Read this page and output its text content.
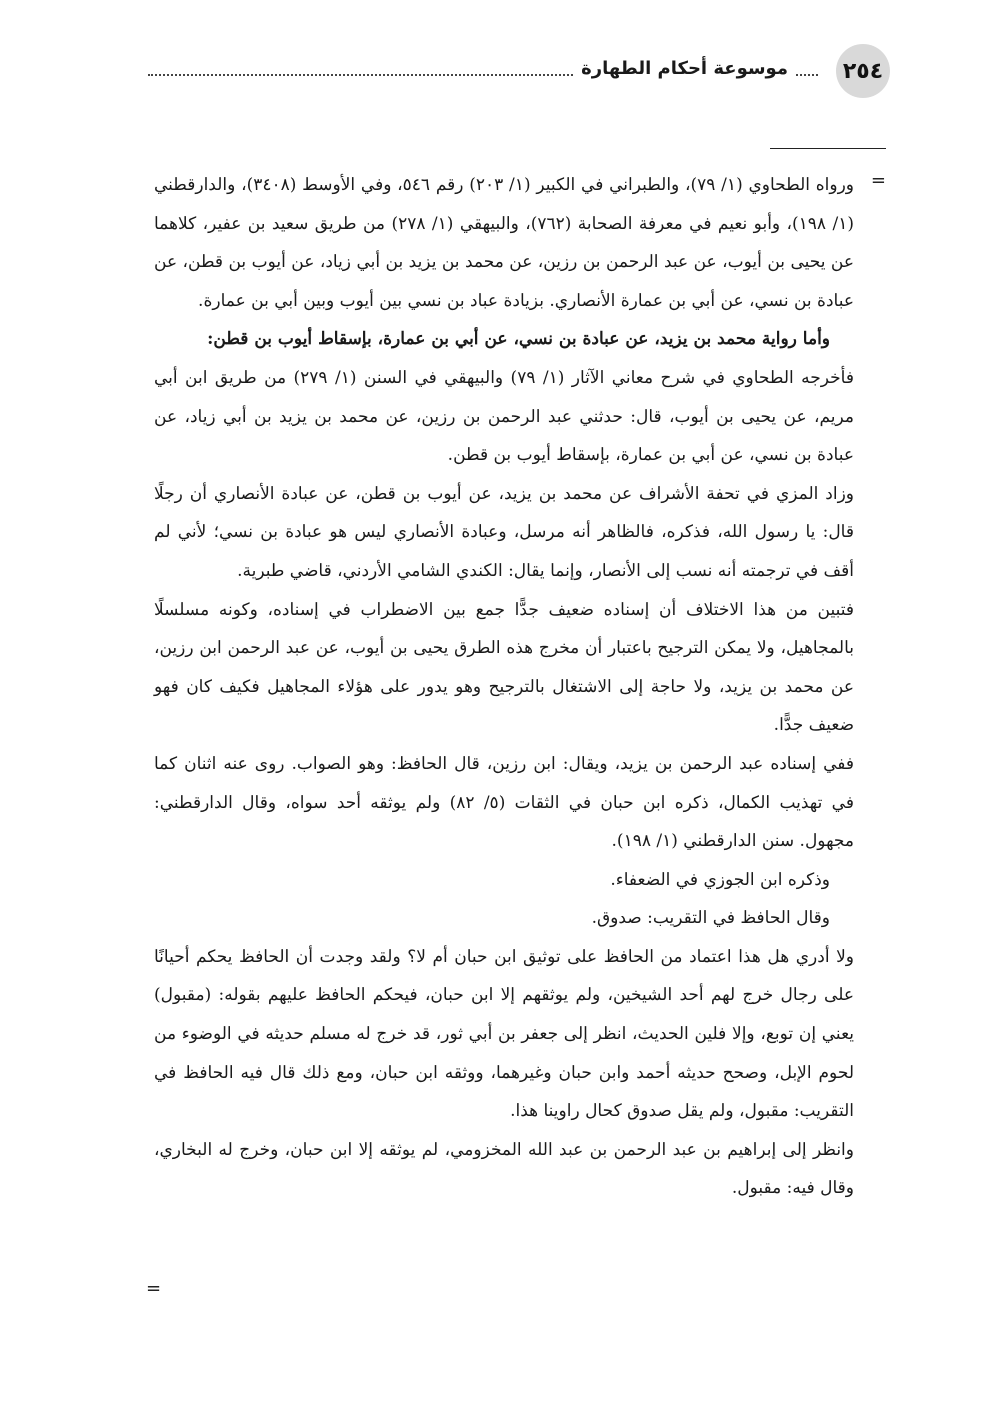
٢٥٤
موسوعة أحكام الطهارة
=

ورواه الطحاوي (١/ ٧٩)، والطبراني في الكبير (١/ ٢٠٣) رقم ٥٤٦، وفي الأوسط (٣٤٠٨)، والدارقطني (١/ ١٩٨)، وأبو نعيم في معرفة الصحابة (٧٦٢)، والبيهقي (١/ ٢٧٨) من طريق سعيد بن عفير، كلاهما عن يحيى بن أيوب، عن عبد الرحمن بن رزين، عن محمد بن يزيد بن أبي زياد، عن أيوب بن قطن، عن عبادة بن نسي، عن أبي بن عمارة الأنصاري. بزيادة عباد بن نسي بين أيوب وبين أبي بن عمارة.

وأما رواية محمد بن يزيد، عن عبادة بن نسي، عن أبي بن عمارة، بإسقاط أيوب بن قطن:

فأخرجه الطحاوي في شرح معاني الآثار (١/ ٧٩) والبيهقي في السنن (١/ ٢٧٩) من طريق ابن أبي مريم، عن يحيى بن أيوب، قال: حدثني عبد الرحمن بن رزين، عن محمد بن يزيد بن أبي زياد، عن عبادة بن نسي، عن أبي بن عمارة، بإسقاط أيوب بن قطن.

وزاد المزي في تحفة الأشراف عن محمد بن يزيد، عن أيوب بن قطن، عن عبادة الأنصاري أن رجلًا قال: يا رسول الله، فذكره، فالظاهر أنه مرسل، وعبادة الأنصاري ليس هو عبادة بن نسي؛ لأني لم أقف في ترجمته أنه نسب إلى الأنصار، وإنما يقال: الكندي الشامي الأردني، قاضي طبرية.

فتبين من هذا الاختلاف أن إسناده ضعيف جدًّا جمع بين الاضطراب في إسناده، وكونه مسلسلًا بالمجاهيل، ولا يمكن الترجيح باعتبار أن مخرج هذه الطرق يحيى بن أيوب، عن عبد الرحمن ابن رزين، عن محمد بن يزيد، ولا حاجة إلى الاشتغال بالترجيح وهو يدور على هؤلاء المجاهيل فكيف كان فهو ضعيف جدًّا.

ففي إسناده عبد الرحمن بن يزيد، ويقال: ابن رزين، قال الحافظ: وهو الصواب. روى عنه اثنان كما في تهذيب الكمال، ذكره ابن حبان في الثقات (٥/ ٨٢) ولم يوثقه أحد سواه، وقال الدارقطني: مجهول. سنن الدارقطني (١/ ١٩٨).

وذكره ابن الجوزي في الضعفاء.

وقال الحافظ في التقريب: صدوق.

ولا أدري هل هذا اعتماد من الحافظ على توثيق ابن حبان أم لا؟ ولقد وجدت أن الحافظ يحكم أحيانًا على رجال خرج لهم أحد الشيخين، ولم يوثقهم إلا ابن حبان، فيحكم الحافظ عليهم بقوله: (مقبول) يعني إن توبع، وإلا فلين الحديث، انظر إلى جعفر بن أبي ثور، قد خرج له مسلم حديثه في الوضوء من لحوم الإبل، وصحح حديثه أحمد وابن حبان وغيرهما، ووثقه ابن حبان، ومع ذلك قال فيه الحافظ في التقريب: مقبول، ولم يقل صدوق كحال راوينا هذا.

وانظر إلى إبراهيم بن عبد الرحمن بن عبد الله المخزومي، لم يوثقه إلا ابن حبان، وخرج له البخاري، وقال فيه: مقبول.

=
